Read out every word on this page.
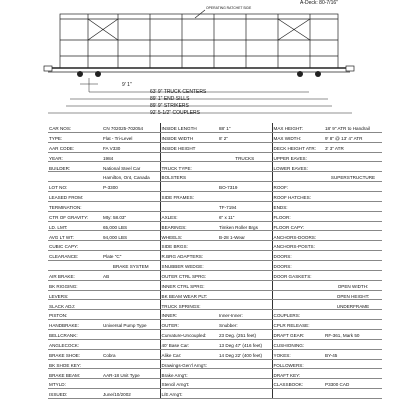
A-Deck: 80-7/16"
OPERATING RATCHET SIDE
9' 1"
63' 9" TRUCK CENTERS
89' 1" END SILLS
89' 9" STRIKERS
92' 5-1/2" COUPLERS
CAR NOS:	CN 702025-702054	INSIDE LENGTH	88' 1"	MAX HEIGHT:	18' 9" ATR to Handrail
TYPE:	Flat - Tri-Level	INSIDE WIDTH	8' 2"	MAX WIDTH:	9' 8" @ 13' 4" ATR
AAR CODE:	FA V330	INSIDE HEIGHT		DECK HEIGHT ATR:	3' 3" ATR
YEAR:	1984		TRUCKS	UPPER EAVES:	
BUILDER:	National Steel Car	TRUCK TYPE:		LOWER EAVES:	
	Hamilton, Ont, Canada	BOLSTERS			SUPERSTRUCTURE
LOT NO:	P-3300		BO-7319	ROOF:	
LEASED FROM:		SIDE FRAMES:		ROOF HATCHES:	
TERMINATION:			TF-7194	ENDS:	
CTR OF GRAVITY:	Mty: 58.03"	AXLES:	6" x 11"	FLOOR:	
LD. LMT:	65,000 LBS	BEARINGS:	Timken Roller Brgs	FLOOR CAPY:	
AVG LT WT:	94,000 LBS	WHEELS:	B-28 1-Wear	ANCHORS-DOORS:	
CUBIC CAPY:		SIDE BRGS:		ANCHORS-POSTS:	
CLEARANCE:	Plate "C"	R.BRG ADAPTERS:		DOORS:	
	BRAKE SYSTEM	SNUBBER WEDGE:		DOORS:	
AIR BRAKE:	AB	OUTER CTRL SPRG:		DOOR GASKETS:	
BK RIGGING:		INNER CTRL SPRG:			OPEN WIDTH:
LEVERS:		BK BEAM WEAR PLT:			OPEN HEIGHT:
SLACK ADJ:		TRUCK SPRINGS:			UNDERFRAME
PISTON:		INNER:	Inner-Inner:	COUPLERS:	
HANDBRAKE:	Universal Pump Type	OUTER:	Snubber:	CPLR RELEASE:	
BELLCRANK:		Curvature-Uncoupled:	23 Deg. (251 feet)	DRAFT GEAR:	RF-361, Mark 50
ANGLECOCK:		40' Base Car:	13 Deg 47' (416 feet)	CUSHIONING:	
BRAKE SHOE:	Cobra	Alike Car:	14 Deg 22' (400 feet)	YOKES:	BY-45
BK SHOE KEY:		Drawings-Gen'l Arng't:		FOLLOWERS:	
BRAKE BEAM:	AAR-18 Unit Type	Brake Arng't:		DRAFT KEY:	
MTYLD:		Stencil Arng't:		CLASSBOOK:	P3300 CAD
ISSUED:	June/10/2002	L/E Arng't:			
